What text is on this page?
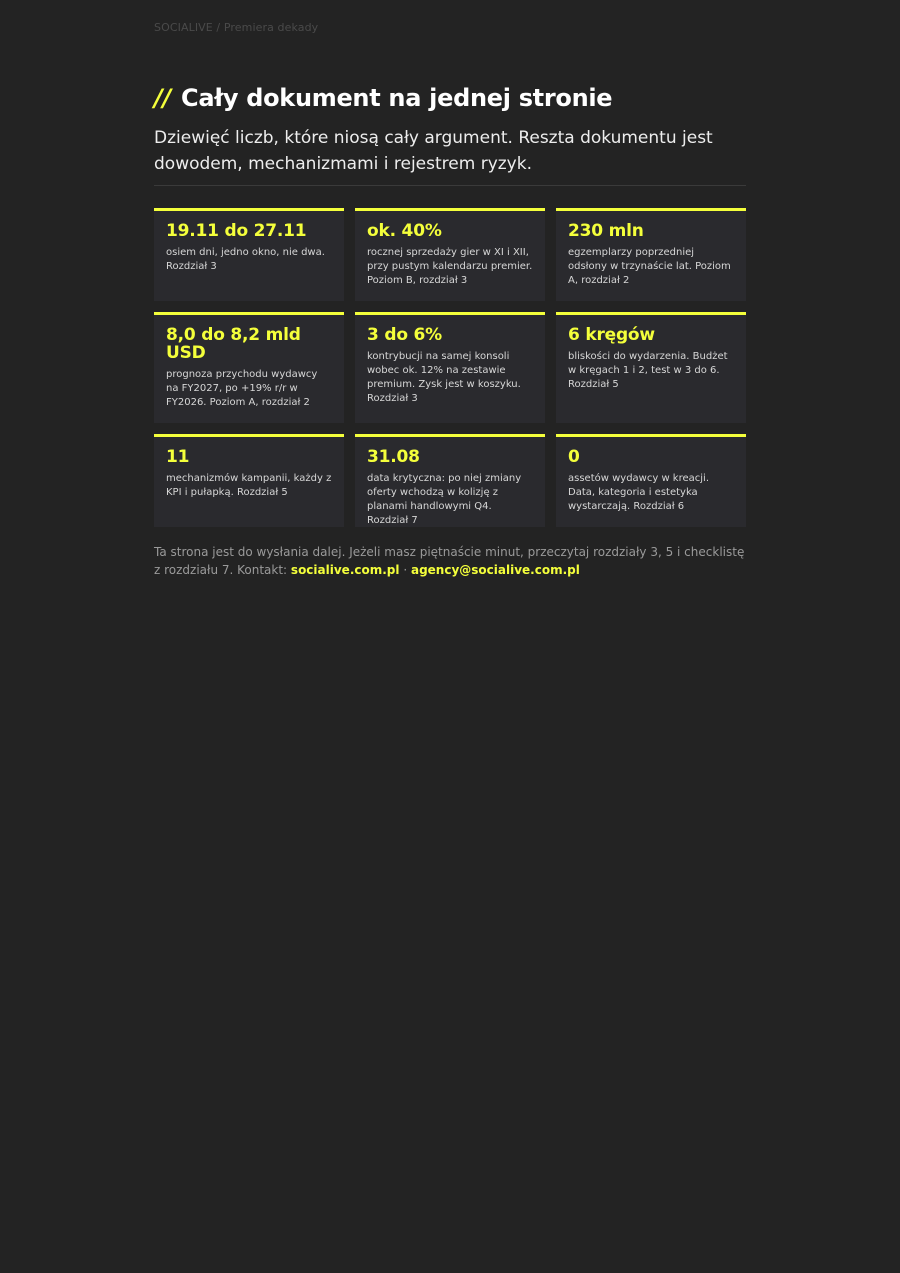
SOCIALIVE / Premiera dekady
// Cały dokument na jednej stronie

Dziewięć liczb, które niosą cały argument. Reszta dokumentu jest dowodem, mechanizmami i rejestrem ryzyk.

19.11 do 27.11

osiem dni, jedno okno, nie dwa. Rozdział 3

ok. 40%

rocznej sprzedaży gier w XI i XII, przy pustym kalendarzu premier. Poziom B, rozdział 3

230 mln

egzemplarzy poprzedniej odsłony w trzynaście lat. Poziom A, rozdział 2

8,0 do 8,2 mld USD

prognoza przychodu wydawcy na FY2027, po +19% r/r w FY2026. Poziom A, rozdział 2

3 do 6%

kontrybucji na samej konsoli wobec ok. 12% na zestawie premium. Zysk jest w koszyku. Rozdział 3

6 kręgów

bliskości do wydarzenia. Budżet w kręgach 1 i 2, test w 3 do 6. Rozdział 5

11

mechanizmów kampanii, każdy z KPI i pułapką. Rozdział 5

31.08

data krytyczna: po niej zmiany oferty wchodzą w kolizję z planami handlowymi Q4. Rozdział 7

0

assetów wydawcy w kreacji. Data, kategoria i estetyka wystarczają. Rozdział 6

Ta strona jest do wysłania dalej. Jeżeli masz piętnaście minut, przeczytaj rozdziały 3, 5 i checklistę z rozdziału 7. Kontakt: socialive.com.pl · agency@socialive.com.pl
